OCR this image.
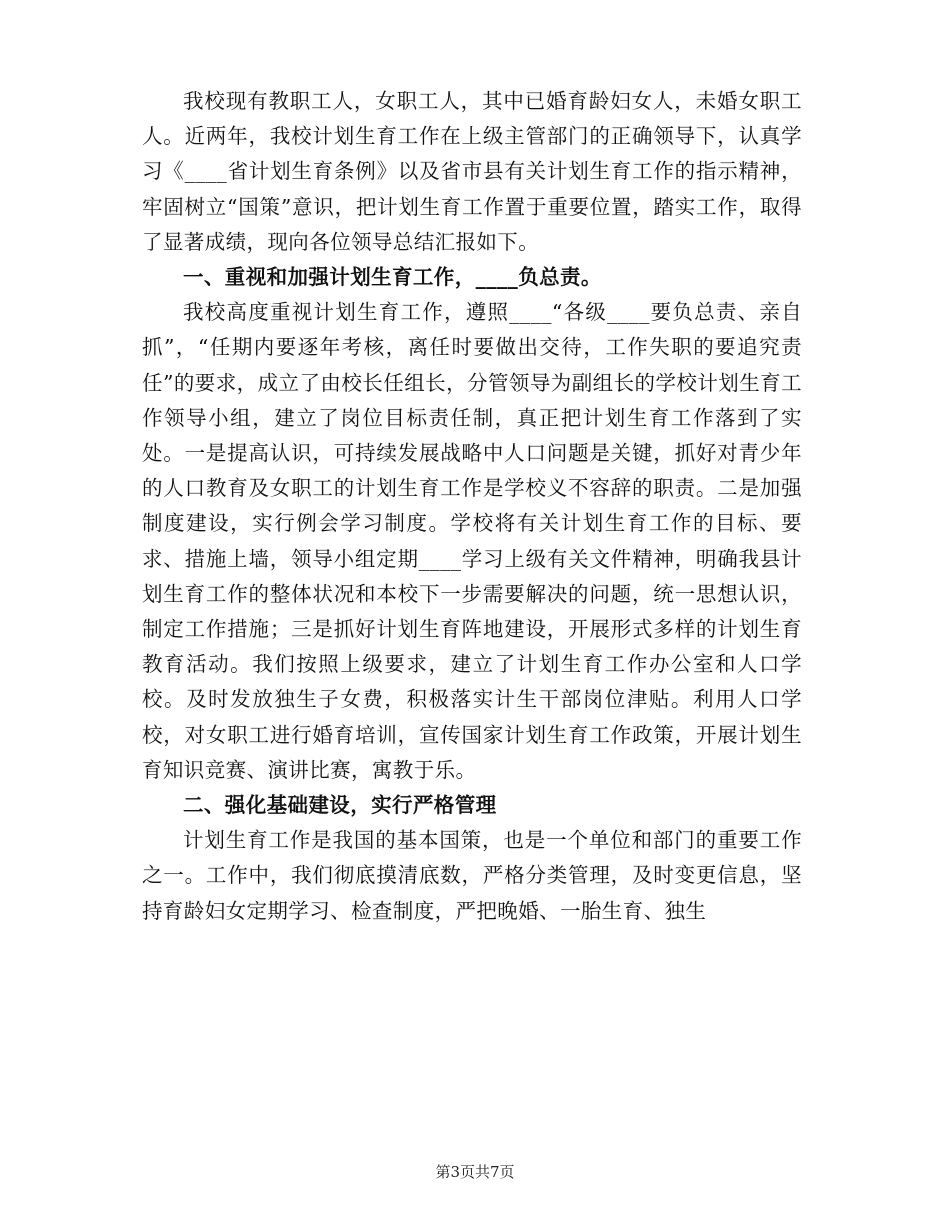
我校现有教职工人，女职工人，其中已婚育龄妇女人，未婚女职工人。近两年，我校计划生育工作在上级主管部门的正确领导下，认真学习《____省计划生育条例》以及省市县有关计划生育工作的指示精神，牢固树立“国策”意识，把计划生育工作置于重要位置，踏实工作，取得了显著成绩，现向各位领导总结汇报如下。

一、重视和加强计划生育工作，____负总责。

我校高度重视计划生育工作，遵照____“各级____要负总责、亲自抓”，“任期内要逐年考核，离任时要做出交待，工作失职的要追究责任”的要求，成立了由校长任组长，分管领导为副组长的学校计划生育工作领导小组，建立了岗位目标责任制，真正把计划生育工作落到了实处。一是提高认识，可持续发展战略中人口问题是关键，抓好对青少年的人口教育及女职工的计划生育工作是学校义不容辞的职责。二是加强制度建设，实行例会学习制度。学校将有关计划生育工作的目标、要求、措施上墙，领导小组定期____学习上级有关文件精神，明确我县计划生育工作的整体状况和本校下一步需要解决的问题，统一思想认识，制定工作措施；三是抓好计划生育阵地建设，开展形式多样的计划生育教育活动。我们按照上级要求，建立了计划生育工作办公室和人口学校。及时发放独生子女费，积极落实计生干部岗位津贴。利用人口学校，对女职工进行婚育培训，宣传国家计划生育工作政策，开展计划生育知识竞赛、演讲比赛，寓教于乐。

二、强化基础建设，实行严格管理

计划生育工作是我国的基本国策，也是一个单位和部门的重要工作之一。工作中，我们彻底摸清底数，严格分类管理，及时变更信息，坚持育龄妇女定期学习、检查制度，严把晚婚、一胎生育、独生

第3页共7页
